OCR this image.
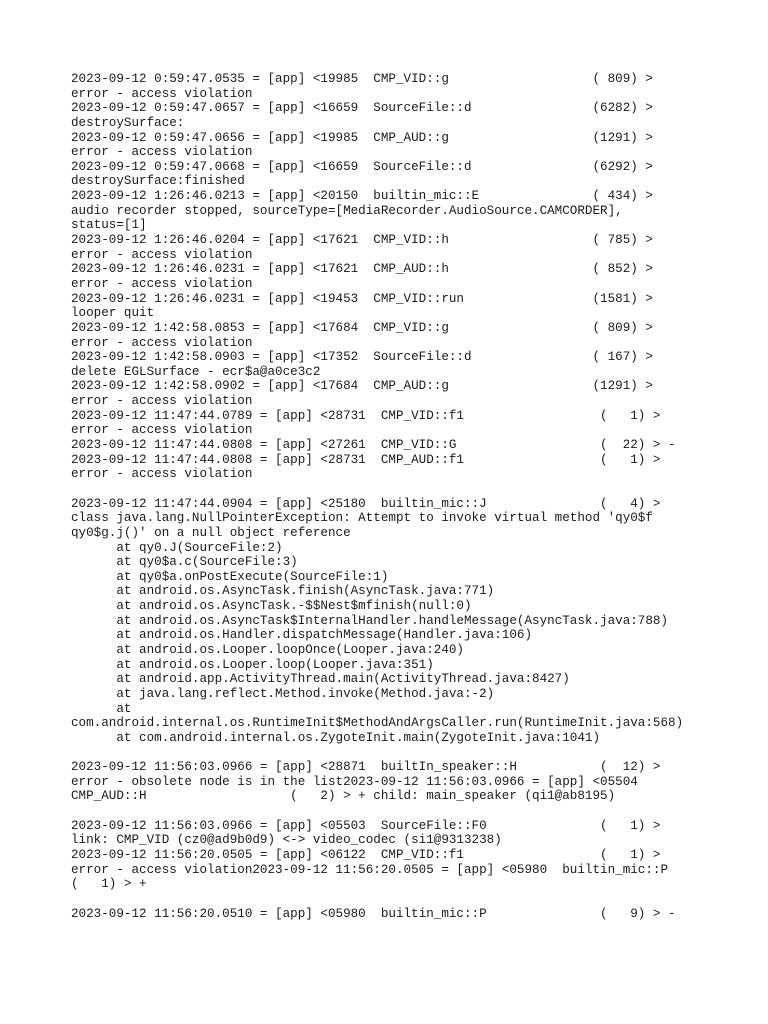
2023-09-12 0:59:47.0535 = [app] <19985  CMP_VID::g                   ( 809) >
error - access violation
2023-09-12 0:59:47.0657 = [app] <16659  SourceFile::d                (6282) >
destroySurface:
2023-09-12 0:59:47.0656 = [app] <19985  CMP_AUD::g                   (1291) >
error - access violation
2023-09-12 0:59:47.0668 = [app] <16659  SourceFile::d                (6292) >
destroySurface:finished
2023-09-12 1:26:46.0213 = [app] <20150  builtin_mic::E               ( 434) >
audio recorder stopped, sourceType=[MediaRecorder.AudioSource.CAMCORDER],
status=[1]
2023-09-12 1:26:46.0204 = [app] <17621  CMP_VID::h                   ( 785) >
error - access violation
2023-09-12 1:26:46.0231 = [app] <17621  CMP_AUD::h                   ( 852) >
error - access violation
2023-09-12 1:26:46.0231 = [app] <19453  CMP_VID::run                 (1581) >
looper quit
2023-09-12 1:42:58.0853 = [app] <17684  CMP_VID::g                   ( 809) >
error - access violation
2023-09-12 1:42:58.0903 = [app] <17352  SourceFile::d                ( 167) >
delete EGLSurface - ecr$a@a0ce3c2
2023-09-12 1:42:58.0902 = [app] <17684  CMP_AUD::g                   (1291) >
error - access violation
2023-09-12 11:47:44.0789 = [app] <28731  CMP_VID::f1                  (   1) >
error - access violation
2023-09-12 11:47:44.0808 = [app] <27261  CMP_VID::G                   (  22) > -
2023-09-12 11:47:44.0808 = [app] <28731  CMP_AUD::f1                  (   1) >
error - access violation
2023-09-12 11:47:44.0904 = [app] <25180  builtin_mic::J               (   4) >
class java.lang.NullPointerException: Attempt to invoke virtual method 'qy0$f
qy0$g.j()' on a null object reference
at qy0.J(SourceFile:2)
at qy0$a.c(SourceFile:3)
at qy0$a.onPostExecute(SourceFile:1)
at android.os.AsyncTask.finish(AsyncTask.java:771)
at android.os.AsyncTask.-$$Nest$mfinish(null:0)
at android.os.AsyncTask$InternalHandler.handleMessage(AsyncTask.java:788)
at android.os.Handler.dispatchMessage(Handler.java:106)
at android.os.Looper.loopOnce(Looper.java:240)
at android.os.Looper.loop(Looper.java:351)
at android.app.ActivityThread.main(ActivityThread.java:8427)
at java.lang.reflect.Method.invoke(Method.java:-2)
at
com.android.internal.os.RuntimeInit$MethodAndArgsCaller.run(RuntimeInit.java:568)
at com.android.internal.os.ZygoteInit.main(ZygoteInit.java:1041)
2023-09-12 11:56:03.0966 = [app] <28871  builtIn_speaker::H           (  12) >
error - obsolete node is in the list2023-09-12 11:56:03.0966 = [app] <05504
CMP_AUD::H                   (   2) > + child: main_speaker (qi1@ab8195)
2023-09-12 11:56:03.0966 = [app] <05503  SourceFile::F0               (   1) >
link: CMP_VID (cz0@ad9b0d9) <-> video_codec (si1@9313238)
2023-09-12 11:56:20.0505 = [app] <06122  CMP_VID::f1                  (   1) >
error - access violation2023-09-12 11:56:20.0505 = [app] <05980  builtin_mic::P
(   1) > +
2023-09-12 11:56:20.0510 = [app] <05980  builtin_mic::P               (   9) > -
